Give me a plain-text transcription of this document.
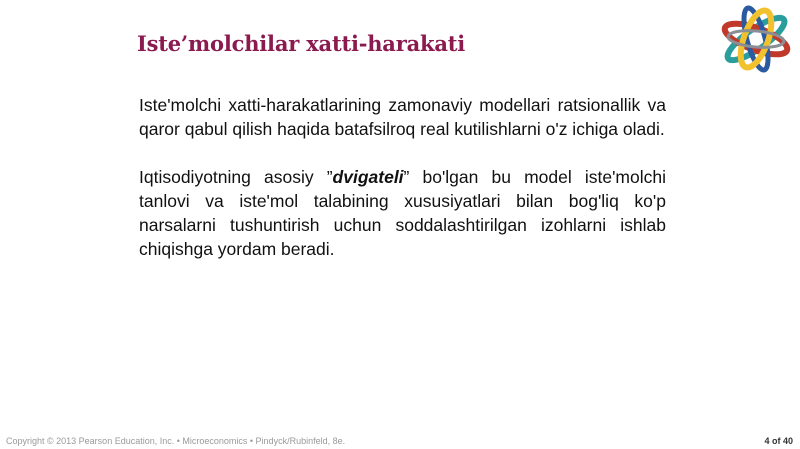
Iste’molchilar xatti-harakati

Iste'molchi xatti-harakatlarining zamonaviy modellari ratsionallik va qaror qabul qilish haqida batafsilroq real kutilishlarni o'z ichiga oladi.

Iqtisodiyotning asosiy ”dvigateli” bo'lgan bu model iste'molchi tanlovi va iste'mol talabining xususiyatlari bilan bog'liq ko'p narsalarni tushuntirish uchun soddalashtirilgan izohlarni ishlab chiqishga yordam beradi.

Copyright © 2013 Pearson Education, Inc. • Microeconomics • Pindyck/Rubinfeld, 8e.	4 of 40
